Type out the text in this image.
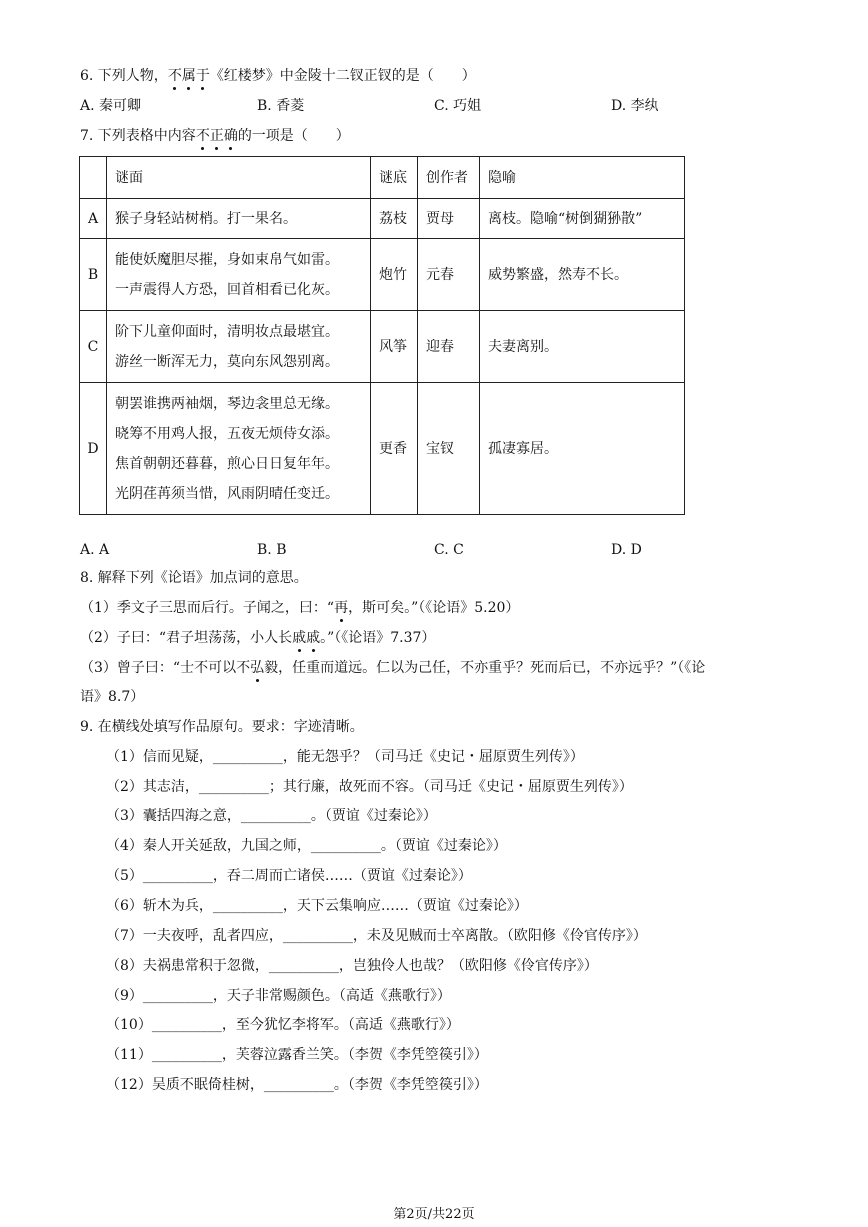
6. 下列人物，不属于《红楼梦》中金陵十二钗正钗的是（　　）
A. 秦可卿	B. 香菱	C. 巧姐	D. 李纨
7. 下列表格中内容不正确的一项是（　　）
	谜面	谜底	创作者	隐喻
A	猴子身轻站树梢。打一果名。	荔枝	贾母	离枝。隐喻“树倒猢狲散”
B	能使妖魔胆尽摧，身如束帛气如雷。
一声震得人方恐，回首相看已化灰。	炮竹	元春	威势繁盛，然寿不长。
C	阶下儿童仰面时，清明妆点最堪宜。
游丝一断浑无力，莫向东风怨别离。	风筝	迎春	夫妻离别。
D	朝罢谁携两袖烟，琴边衾里总无缘。
晓筹不用鸡人报，五夜无烦侍女添。
焦首朝朝还暮暮，煎心日日复年年。
光阴荏苒须当惜，风雨阴晴任变迁。	更香	宝钗	孤凄寡居。
A. A	B. B	C. C	D. D
8. 解释下列《论语》加点词的意思。
（1）季文子三思而后行。子闻之，曰：“再，斯可矣。”（《论语》5.20）
（2）子曰：“君子坦荡荡，小人长戚戚。”（《论语》7.37）
（3）曾子曰：“士不可以不弘毅，任重而道远。仁以为己任，不亦重乎？死而后已，不亦远乎？”（《论
语》8.7）
9. 在横线处填写作品原句。要求：字迹清晰。
（1）信而见疑，__________，能无怨乎？（司马迁《史记・屈原贾生列传》）
（2）其志洁，__________；其行廉，故死而不容。（司马迁《史记・屈原贾生列传》）
（3）囊括四海之意，__________。（贾谊《过秦论》）
（4）秦人开关延敌，九国之师，__________。（贾谊《过秦论》）
（5）__________，吞二周而亡诸侯……（贾谊《过秦论》）
（6）斩木为兵，__________，天下云集响应……（贾谊《过秦论》）
（7）一夫夜呼，乱者四应，__________，未及见贼而士卒离散。（欧阳修《伶官传序》）
（8）夫祸患常积于忽微，__________，岂独伶人也哉？（欧阳修《伶官传序》）
（9）__________，天子非常赐颜色。（高适《燕歌行》）
（10）__________，至今犹忆李将军。（高适《燕歌行》）
（11）__________，芙蓉泣露香兰笑。（李贺《李凭箜篌引》）
（12）吴质不眠倚桂树，__________。（李贺《李凭箜篌引》）
第2页/共22页
